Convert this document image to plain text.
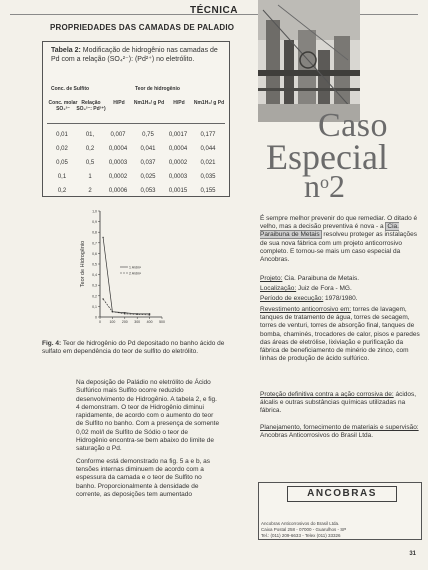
TÉCNICA
PROPRIEDADES DAS CAMADAS DE PALADIO
Tabela 2: Modificação de hidrogênio nas camadas de Pd com a relação (SO₄²⁻): (Pd²⁺) no eletrólito.
Conc. de Sulfito	Teor de hidrogênio
Conc. molar SO₃²⁻
Relação SO₄²⁻: Pd²⁺)
H/Pd	Nm1H₂/ g Pd	H/Pd	Nm1H₂/ g Pd
0,01	01,	0,007	0,75	0,0017	0,177
0,02	0,2	0,0004	0,041	0,0004	0,044
0,05	0,5	0,0003	0,037	0,0002	0,021
0,1	1	0,0002	0,025	0,0003	0,035
0,2	2	0,0006	0,053	0,0015	0,155
0
0,1
0,2
0,3
0,4
0,5
0,6
0,7
0,8
0,9
1,0
0 100 200 300 400 500
Teor de Hidrogênio	1 A/dm²
2 A/dm²
Fig. 4: Teor de hidrogênio do Pd depositado no banho ácido de sulfato em dependência do teor de sulfito do eletrólito.

Na deposição de Paládio no eletrólito de Ácido Sulfúrico mais Sulfito ocorre reduzido desenvolvimento de Hidrogênio. A tabela 2, e fig. 4 demonstram. O teor de Hidrogênio diminui rapidamente, de acordo com o aumento do teor de Sulfito no banho. Com a presença de somente 0,02 mol/l de Sulfito de Sódio o teor de Hidrogênio encontra-se bem abaixo do limite de saturação α Pd.

Conforme está demonstrado na fig. 5 a e b, as tensões internas diminuem de acordo com a espessura da camada e o teor de Sulfito no banho. Proporcionalmente à densidade de corrente, as deposições tem aumentado

Caso
Especial
$n^o2$
É sempre melhor prevenir do que remediar. O ditado é velho, mas a decisão preventiva é nova - a Cia. Paraibuna de Metais resolveu proteger as instalações de sua nova fábrica com um projeto anticorrosivo completo. E tornou-se mais um caso especial da Ancobras.
Projeto: Cia. Paraibuna de Metais.
Localização: Juiz de Fora - MG.
Período de execução: 1978/1980.
Revestimento anticorrosivo em: torres de lavagem, tanques de tratamento de água, torres de secagem, torres de venturi, torres de absorção final, tanques de bomba, chaminés, trocadores de calor, pisos e paredes das áreas de eletrólise, lixiviação e purificação da fábrica de beneficiamento de minério de zinco, com linhas de produção de ácido sulfúrico.
Proteção definitiva contra a ação corrosiva de: ácidos, álcalis e outras substâncias químicas utilizadas na fábrica.
Planejamento, fornecimento de materiais e supervisão: Ancobras Anticorrosivos do Brasil Ltda.
ANCOBRAS
Ancobras Anticorrosivos do Brasil Ltda.
Caixa Postal 258 - 07000 - Guarulhos - SP
Tel.: (011) 209-6633 - Telex (011) 33326
31
